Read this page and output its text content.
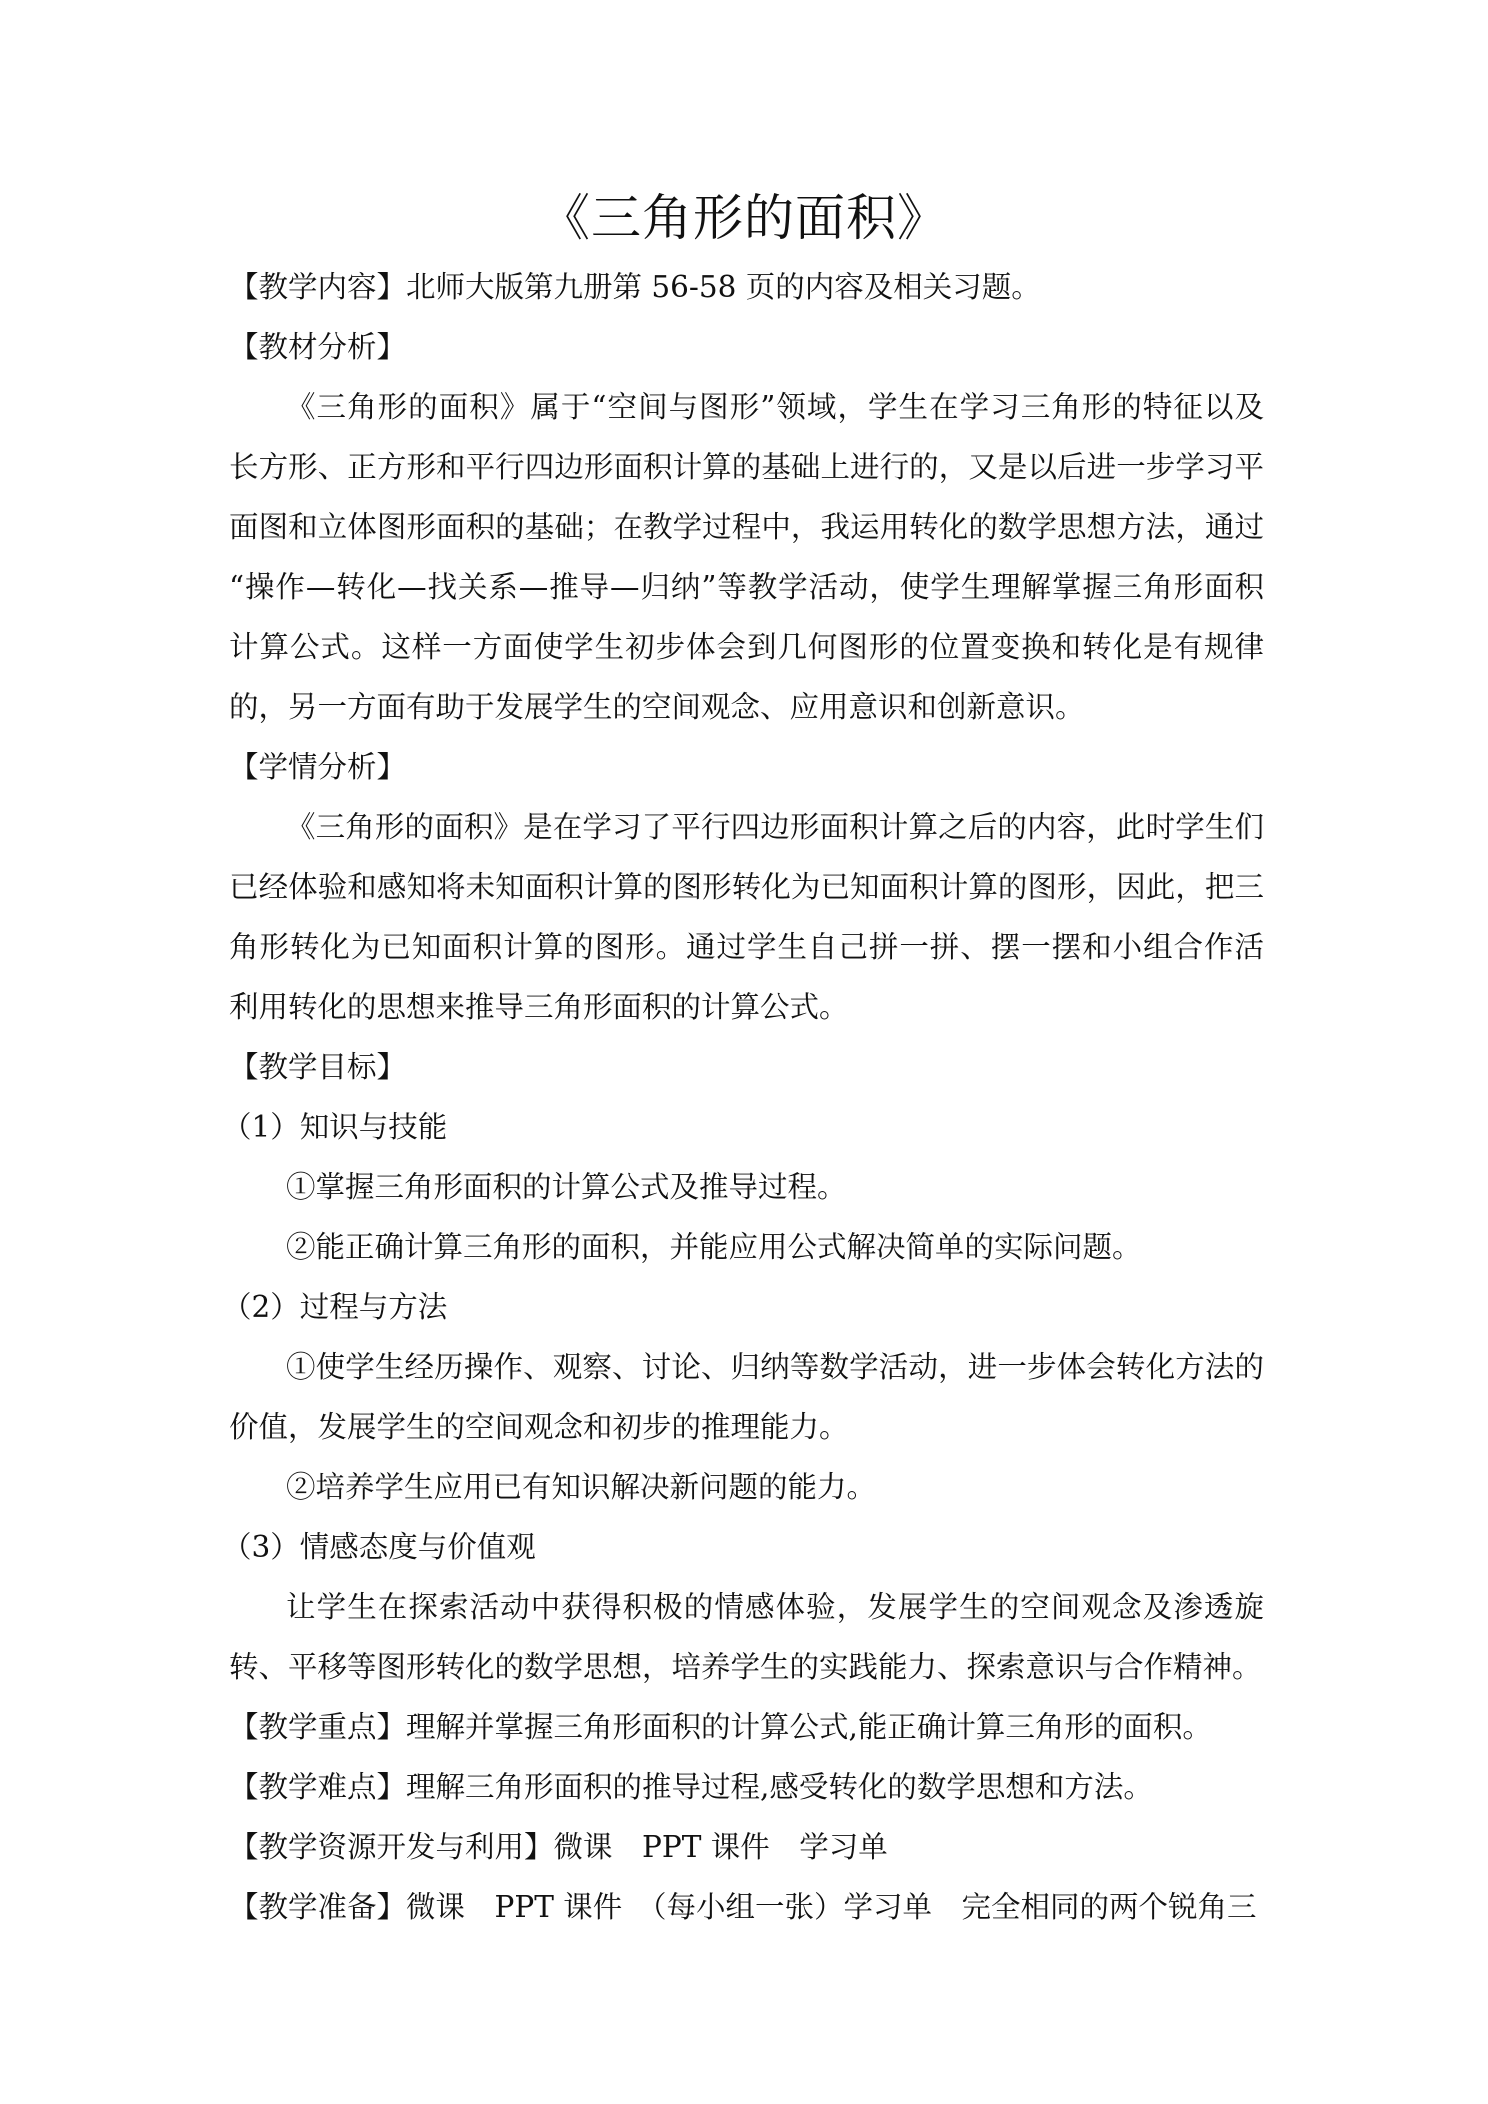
《三角形的面积》
【教学内容】北师大版第九册第 56-58 页的内容及相关习题。
【教材分析】
《三角形的面积》属于“空间与图形”领域，学生在学习三角形的特征以及
长方形、正方形和平行四边形面积计算的基础上进行的，又是以后进一步学习平
面图和立体图形面积的基础；在教学过程中，我运用转化的数学思想方法，通过
“操作—转化—找关系—推导—归纳”等教学活动，使学生理解掌握三角形面积
计算公式。这样一方面使学生初步体会到几何图形的位置变换和转化是有规律
的，另一方面有助于发展学生的空间观念、应用意识和创新意识。
【学情分析】
《三角形的面积》是在学习了平行四边形面积计算之后的内容，此时学生们
已经体验和感知将未知面积计算的图形转化为已知面积计算的图形，因此，把三
角形转化为已知面积计算的图形。通过学生自己拼一拼、摆一摆和小组合作活
利用转化的思想来推导三角形面积的计算公式。
【教学目标】
（1）知识与技能
①掌握三角形面积的计算公式及推导过程。
②能正确计算三角形的面积，并能应用公式解决简单的实际问题。
（2）过程与方法
①使学生经历操作、观察、讨论、归纳等数学活动，进一步体会转化方法的
价值，发展学生的空间观念和初步的推理能力。
②培养学生应用已有知识解决新问题的能力。
（3）情感态度与价值观
让学生在探索活动中获得积极的情感体验，发展学生的空间观念及渗透旋
转、平移等图形转化的数学思想，培养学生的实践能力、探索意识与合作精神。
【教学重点】理解并掌握三角形面积的计算公式,能正确计算三角形的面积。
【教学难点】理解三角形面积的推导过程,感受转化的数学思想和方法。
【教学资源开发与利用】微课　PPT 课件　学习单
【教学准备】微课　PPT 课件　（每小组一张）学习单　完全相同的两个锐角三
